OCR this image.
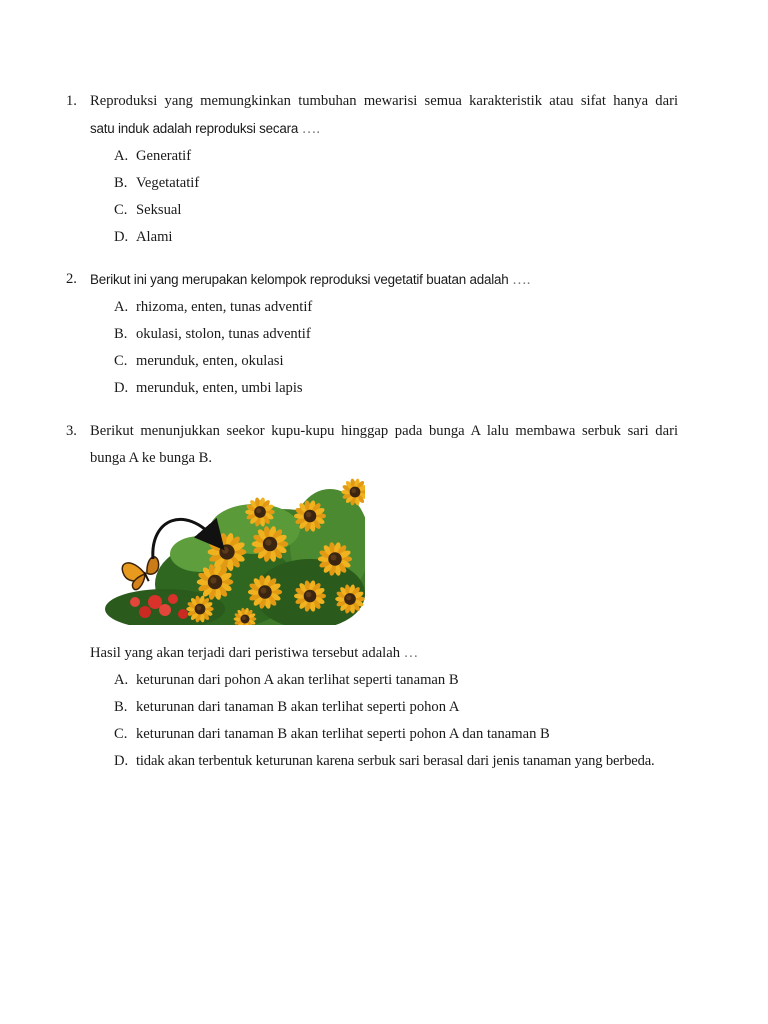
1. Reproduksi yang memungkinkan tumbuhan mewarisi semua karakteristik atau sifat hanya dari
satu induk adalah reproduksi secara ….
A. Generatif
B. Vegetatatif
C. Seksual
D. Alami
2. Berikut ini yang merupakan kelompok reproduksi vegetatif buatan adalah ….
A. rhizoma, enten, tunas adventif
B. okulasi, stolon, tunas adventif
C. merunduk, enten, okulasi
D. merunduk, enten, umbi lapis
3. Berikut menunjukkan seekor kupu-kupu hinggap pada bunga A lalu membawa serbuk sari dari
bunga A ke bunga B.
Hasil yang akan terjadi dari peristiwa tersebut adalah …
A. keturunan dari pohon A akan terlihat seperti tanaman B
B. keturunan dari tanaman B akan terlihat seperti pohon A
C. keturunan dari tanaman B akan terlihat seperti pohon A dan tanaman B
D. tidak akan terbentuk keturunan karena serbuk sari berasal dari jenis tanaman yang berbeda.
